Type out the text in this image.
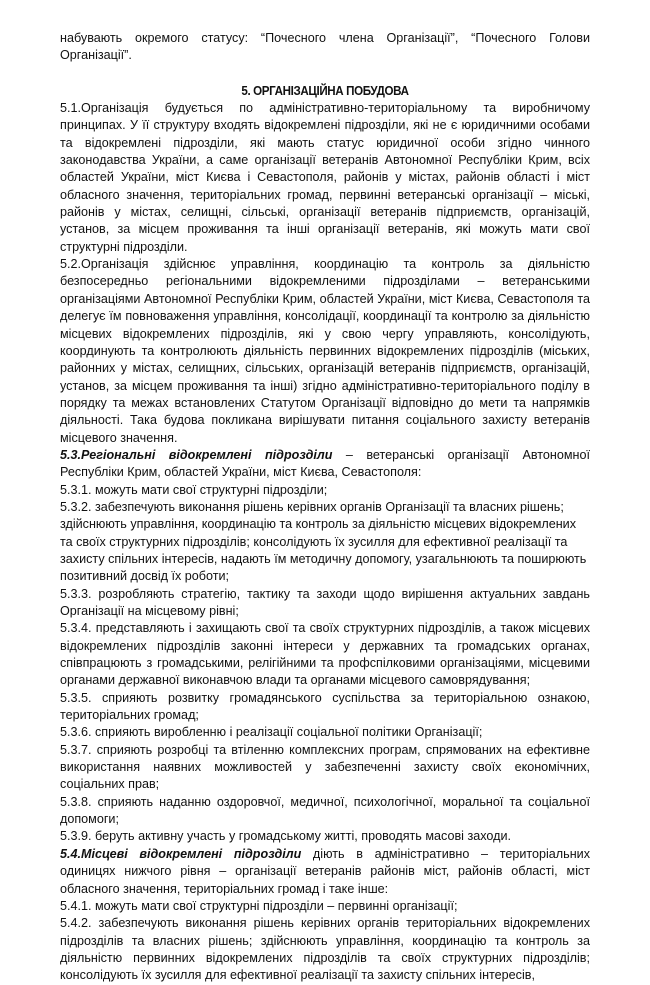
набувають окремого статусу: “Почесного члена Організації”, “Почесного Голови Організації”.

5. ОРГАНІЗАЦІЙНА ПОБУДОВА

5.1.Організація будується по адміністративно-територіальному та виробничому принципах. У її структуру входять відокремлені підрозділи, які не є юридичними особами та відокремлені підрозділи, які мають статус юридичної особи згідно чинного законодавства України, а саме організації ветеранів Автономної Республіки Крим, всіх областей України, міст Києва і Севастополя, районів у містах, районів області і міст обласного значення, територіальних громад, первинні ветеранські організації – міські, районів у містах, селищні, сільські, організації ветеранів підприємств, організацій, установ, за місцем проживання та інші організації ветеранів, які можуть мати свої структурні підрозділи.

5.2.Організація здійснює управління, координацію та контроль за діяльністю безпосередньо регіональними відокремленими підрозділами – ветеранськими організаціями Автономної Республіки Крим, областей України, міст Києва, Севастополя та делегує їм повноваження управління, консолідації, координації та контролю за діяльністю місцевих відокремлених підрозділів, які у свою чергу управляють, консолідують, координують та контролюють діяльність первинних відокремлених підрозділів (міських, районних у містах, селищних, сільських, організацій ветеранів підприємств, організацій, установ, за місцем проживання та інші) згідно адміністративно-територіального поділу в порядку та межах встановлених Статутом Організації відповідно до мети та напрямків діяльності. Така будова покликана вирішувати питання соціального захисту ветеранів місцевого значення.

5.3.Регіональні відокремлені підрозділи – ветеранські організації Автономної Республіки Крим, областей України, міст Києва, Севастополя:

5.3.1. можуть мати свої структурні підрозділи;

5.3.2. забезпечують виконання рішень керівних органів Організації та власних рішень; здійснюють управління, координацію та контроль за діяльністю місцевих відокремлених та своїх структурних підрозділів; консолідують їх зусилля для ефективної реалізації та захисту спільних інтересів, надають їм методичну допомогу, узагальнюють та поширюють позитивний досвід їх роботи;

5.3.3. розробляють стратегію, тактику та заходи щодо вирішення актуальних завдань Організації на місцевому рівні;

5.3.4. представляють і захищають свої та своїх структурних підрозділів, а також місцевих відокремлених підрозділів законні інтереси у державних та громадських органах, співпрацюють з громадськими, релігійними та профспілковими організаціями, місцевими органами державної виконавчою влади та органами місцевого самоврядування;

5.3.5. сприяють розвитку громадянського суспільства за територіальною ознакою, територіальних громад;

5.3.6. сприяють виробленню і реалізації соціальної політики Організації;

5.3.7. сприяють розробці та втіленню комплексних програм, спрямованих на ефективне використання наявних можливостей у забезпеченні захисту своїх економічних, соціальних прав;

5.3.8. сприяють наданню оздоровчої, медичної, психологічної, моральної та соціальної допомоги;

5.3.9. беруть активну участь у громадському житті, проводять масові заходи.

5.4.Місцеві відокремлені підрозділи діють в адміністративно – територіальних одиницях нижчого рівня – організації ветеранів районів міст, районів області, міст обласного значення, територіальних громад і таке інше:

5.4.1. можуть мати свої структурні підрозділи – первинні організації;

5.4.2. забезпечують виконання рішень керівних органів територіальних відокремлених підрозділів та власних рішень; здійснюють управління, координацію та контроль за діяльністю первинних відокремлених підрозділів та своїх структурних підрозділів; консолідують їх зусилля для ефективної реалізації та захисту спільних інтересів,
